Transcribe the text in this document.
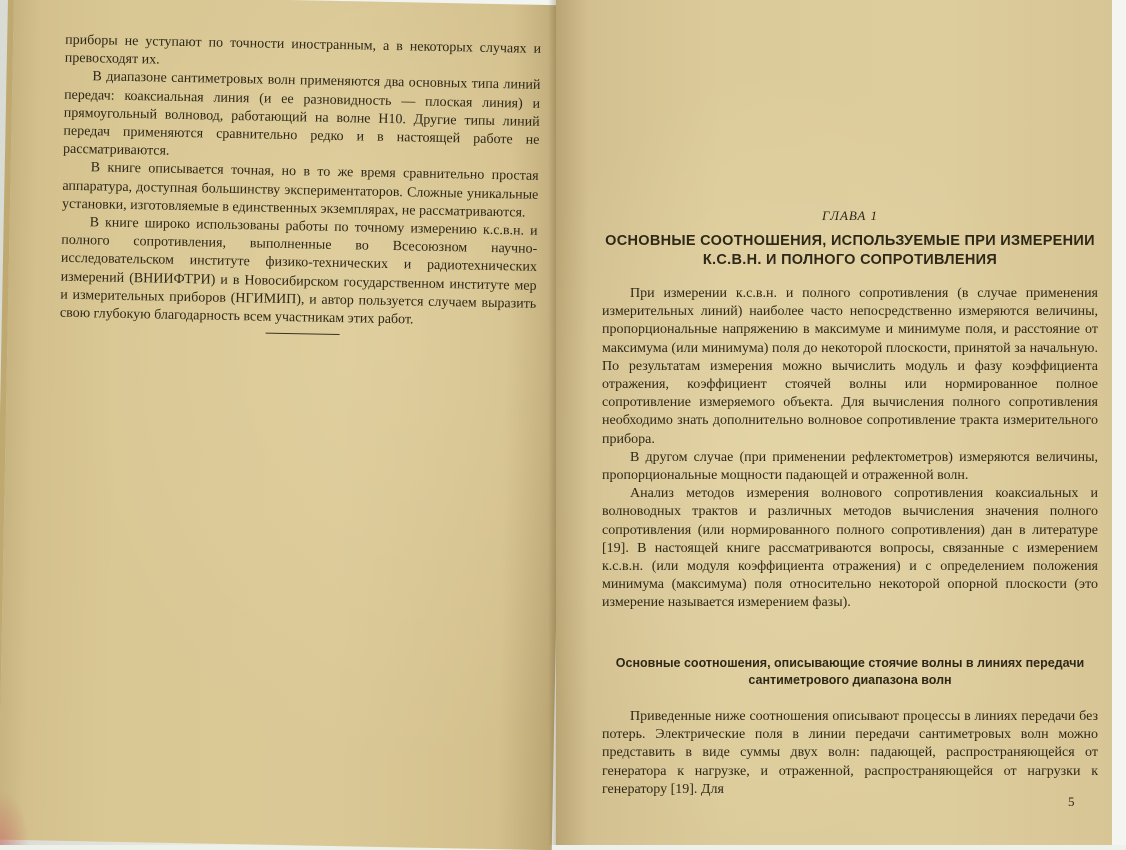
приборы не уступают по точности иностранным, а в некоторых случаях и превосходят их.

В диапазоне сантиметровых волн применяются два основных типа линий передач: коаксиальная линия (и ее разновидность — плоская линия) и прямоугольный волновод, работающий на волне H10. Другие типы линий передач применяются сравнительно редко и в настоящей работе не рассматриваются.

В книге описывается точная, но в то же время сравнительно простая аппаратура, доступная большинству экспериментаторов. Сложные уникальные установки, изготовляемые в единственных экземплярах, не рассматриваются.

В книге широко использованы работы по точному измерению к.с.в.н. и полного сопротивления, выполненные во Всесоюзном научно-исследовательском институте физико-технических и радиотехнических измерений (ВНИИФТРИ) и в Новосибирском государственном институте мер и измерительных приборов (НГИМИП), и автор пользуется случаем выразить свою глубокую благодарность всем участникам этих работ.

ГЛАВА 1
ОСНОВНЫЕ СООТНОШЕНИЯ, ИСПОЛЬЗУЕМЫЕ ПРИ ИЗМЕРЕНИИ К.С.В.Н. И ПОЛНОГО СОПРОТИВЛЕНИЯ

При измерении к.с.в.н. и полного сопротивления (в случае применения измерительных линий) наиболее часто непосредственно измеряются величины, пропорциональные напряжению в максимуме и минимуме поля, и расстояние от максимума (или минимума) поля до некоторой плоскости, принятой за начальную. По результатам измерения можно вычислить модуль и фазу коэффициента отражения, коэффициент стоячей волны или нормированное полное сопротивление измеряемого объекта. Для вычисления полного сопротивления необходимо знать дополнительно волновое сопротивление тракта измерительного прибора.

В другом случае (при применении рефлектометров) измеряются величины, пропорциональные мощности падающей и отраженной волн.

Анализ методов измерения волнового сопротивления коаксиальных и волноводных трактов и различных методов вычисления значения полного сопротивления (или нормированного полного сопротивления) дан в литературе [19]. В настоящей книге рассматриваются вопросы, связанные с измерением к.с.в.н. (или модуля коэффициента отражения) и с определением положения минимума (максимума) поля относительно некоторой опорной плоскости (это измерение называется измерением фазы).

Основные соотношения, описывающие стоячие волны в линиях передачи сантиметрового диапазона волн

Приведенные ниже соотношения описывают процессы в линиях передачи без потерь. Электрические поля в линии передачи сантиметровых волн можно представить в виде суммы двух волн: падающей, распространяющейся от генератора к нагрузке, и отраженной, распространяющейся от нагрузки к генератору [19]. Для

5
